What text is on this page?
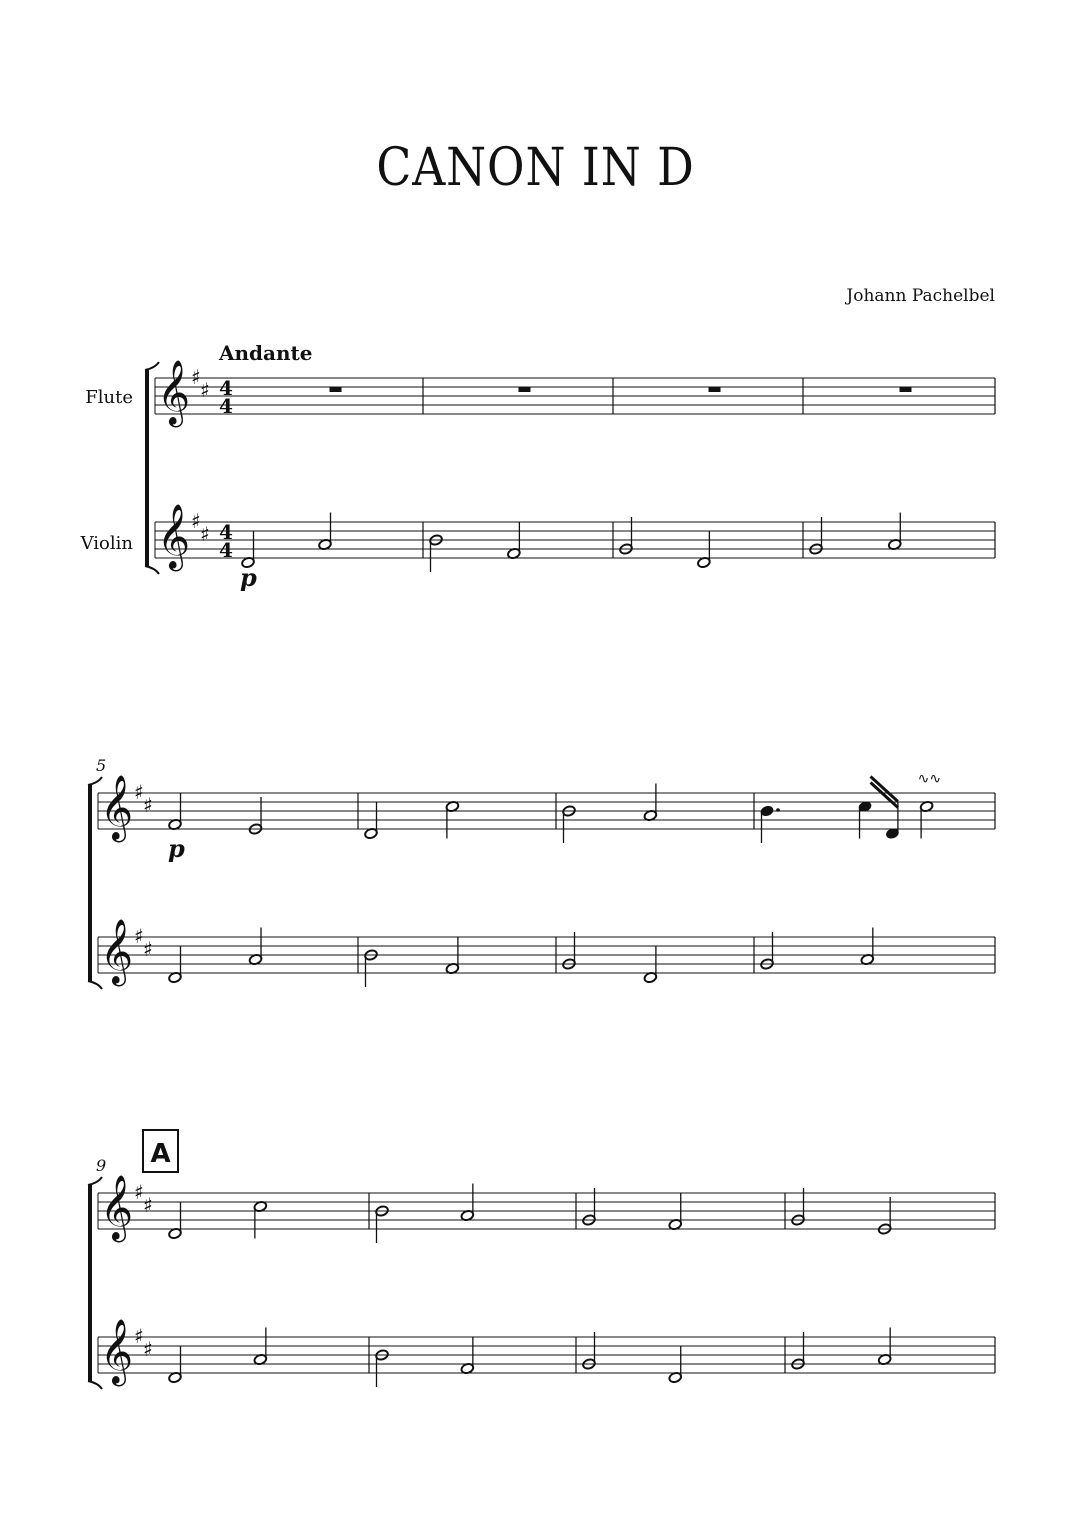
CANON IN D
Johann Pachelbel
𝄞 ♯
♯ 4
4
𝄞 ♯
♯ 4
4
Flute
Violin
Andante
p
𝄞 ♯
♯
∿∿
𝄞 ♯
♯
p
5
𝄞 ♯
♯
𝄞 ♯
♯
9 A
